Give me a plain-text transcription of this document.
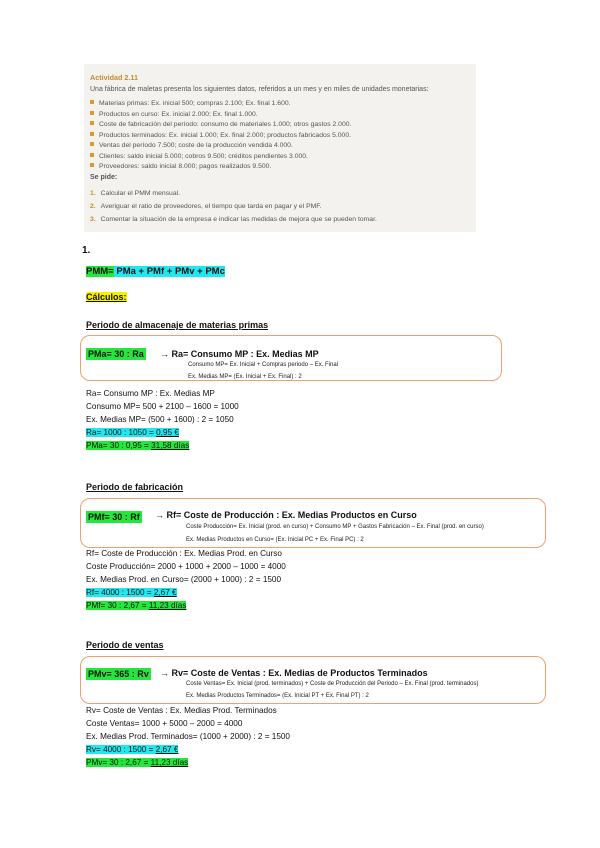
Actividad 2.11
Una fábrica de maletas presenta los siguientes datos, referidos a un mes y en miles de unidades monetarias:
Materias primas: Ex. inicial 500; compras 2.100; Ex. final 1.600.
Productos en curso: Ex. inicial 2.000; Ex. final 1.000.
Coste de fabricación del período: consumo de materiales 1.000; otros gastos 2.000.
Productos terminados: Ex. inicial 1.000; Ex. final 2.000; productos fabricados 5.000.
Ventas del período 7.500; coste de la producción vendida 4.000.
Clientes: saldo inicial 5.000; cobros 9.500; créditos pendientes 3.000.
Proveedores: saldo inicial 8.000; pagos realizados 9.500.
Se pide:
1. Calcular el PMM mensual.
2. Averiguar el ratio de proveedores, el tiempo que tarda en pagar y el PMF.
3. Comentar la situación de la empresa e indicar las medidas de mejora que se pueden tomar.
1.
PMM= PMa + PMf + PMv + PMc
Cálculos:
Periodo de almacenaje de materias primas
PMa= 30 : Ra → Ra= Consumo MP : Ex. Medias MP
Consumo MP= Ex. Inicial + Compras periodo – Ex. Final
Ex. Medias MP= (Ex. Inicial + Ex. Final) : 2
Ra= Consumo MP : Ex. Medias MP
Consumo MP= 500 + 2100 – 1600 = 1000
Ex. Medias MP= (500 + 1600) : 2 = 1050
Ra= 1000 : 1050 = 0,95 €
PMa= 30 : 0,95 = 31,58 días
Periodo de fabricación
PMf= 30 : Rf → Rf= Coste de Producción : Ex. Medias Productos en Curso
Coste Producción= Ex. Inicial (prod. en curso) + Consumo MP + Gastos Fabricación – Ex. Final (prod. en curso)
Ex. Medias Productos en Curso= (Ex. Inicial PC + Ex. Final PC) : 2
Rf= Coste de Producción : Ex. Medias Prod. en Curso
Coste Producción= 2000 + 1000 + 2000 – 1000 = 4000
Ex. Medias Prod. en Curso= (2000 + 1000) : 2 = 1500
Rf= 4000 : 1500 = 2,67 €
PMf= 30 : 2,67 = 11,23 días
Periodo de ventas
PMv= 365 : Rv → Rv= Coste de Ventas : Ex. Medias de Productos Terminados
Coste Ventas= Ex. Inicial (prod. terminados) + Coste de Producción del Periodo – Ex. Final (prod. terminados)
Ex. Medias Productos Terminados= (Ex. Inicial PT + Ex. Final PT) : 2
Rv= Coste de Ventas : Ex. Medias Prod. Terminados
Coste Ventas= 1000 + 5000 – 2000 = 4000
Ex. Medias Prod. Terminados= (1000 + 2000) : 2 = 1500
Rv= 4000 : 1500 = 2,67 €
PMv= 30 : 2,67 = 11,23 días
